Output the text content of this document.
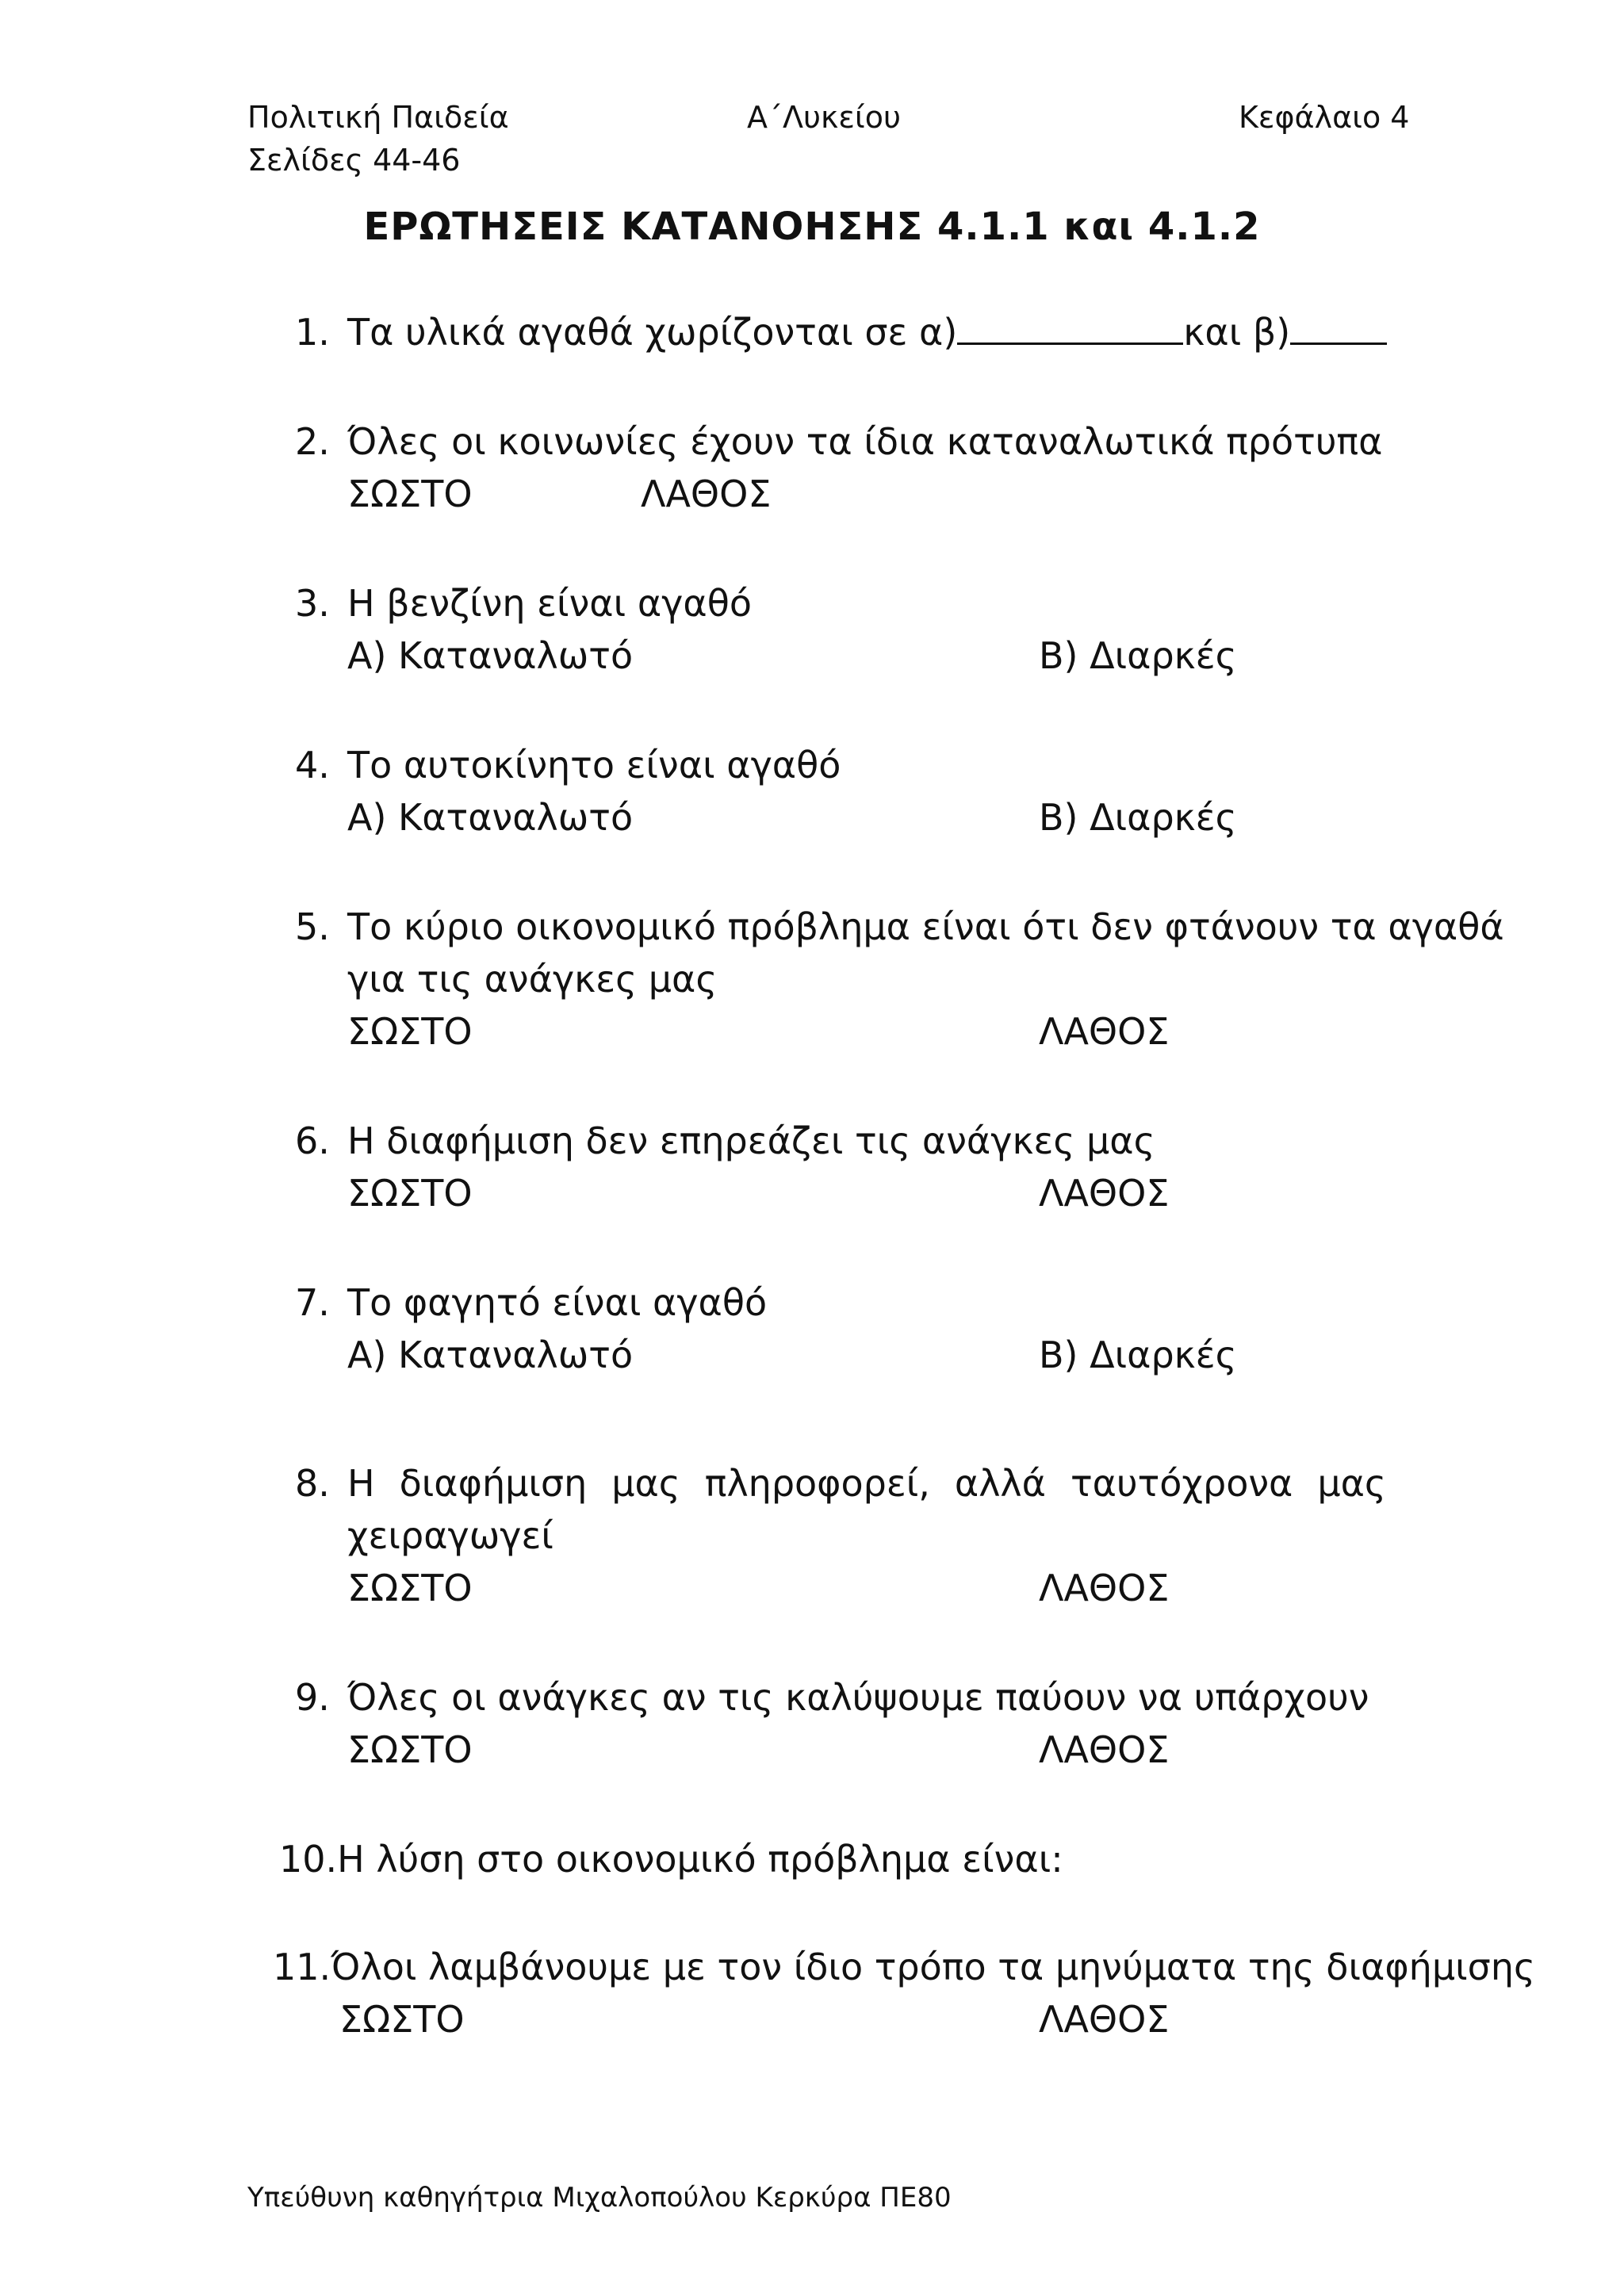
Πολιτική Παιδεία	Α΄Λυκείου	Κεφάλαιο 4
Σελίδες 44-46
ΕΡΩΤΗΣΕΙΣ ΚΑΤΑΝΟΗΣΗΣ 4.1.1 και 4.1.2
1. Τα υλικά αγαθά χωρίζονται σε α)	και β)
2. Όλες οι κοινωνίες έχουν τα ίδια καταναλωτικά πρότυπα
ΣΩΣΤΟ	ΛΑΘΟΣ
3. Η βενζίνη είναι αγαθό
Α) Καταναλωτό	Β) Διαρκές
4. Το αυτοκίνητο είναι αγαθό
Α) Καταναλωτό	Β) Διαρκές
5. Το κύριο οικονομικό πρόβλημα είναι ότι δεν φτάνουν τα αγαθά
για τις ανάγκες μας
ΣΩΣΤΟ	ΛΑΘΟΣ
6. Η διαφήμιση δεν επηρεάζει τις ανάγκες μας
ΣΩΣΤΟ	ΛΑΘΟΣ
7. Το φαγητό είναι αγαθό
Α) Καταναλωτό	Β) Διαρκές
8. Η διαφήμιση μας πληροφορεί, αλλά ταυτόχρονα μας
χειραγωγεί
ΣΩΣΤΟ	ΛΑΘΟΣ
9. Όλες οι ανάγκες αν τις καλύψουμε παύουν να υπάρχουν
ΣΩΣΤΟ	ΛΑΘΟΣ
10.Η λύση στο οικονομικό πρόβλημα είναι:
11.Όλοι λαμβάνουμε με τον ίδιο τρόπο τα μηνύματα της διαφήμισης
ΣΩΣΤΟ	ΛΑΘΟΣ
Υπεύθυνη καθηγήτρια Μιχαλοπούλου Κερκύρα ΠΕ80
